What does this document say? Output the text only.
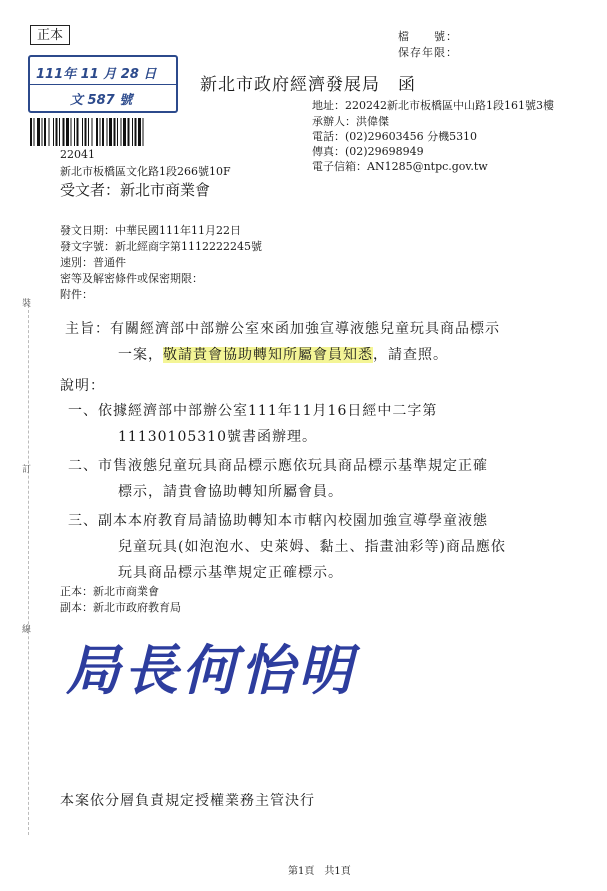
正本	檔　　號：
保存年限：
111年 11 月 28 日
文 587 號
新北市政府經濟發展局　函
地址：220242新北市板橋區中山路1段161號3樓
承辦人：洪偉傑
電話：(02)29603456 分機5310
傳真：(02)29698949
電子信箱：AN1285@ntpc.gov.tw
22041
新北市板橋區文化路1段266號10F
受文者：新北市商業會
發文日期：中華民國111年11月22日
發文字號：新北經商字第1112222245號
速別：普通件
密等及解密條件或保密期限：
附件：
裝
訂
線
主旨： 有關經濟部中部辦公室來函加強宣導液態兒童玩具商品標示
一案，敬請貴會協助轉知所屬會員知悉，請查照。
說明：
一、依據經濟部中部辦公室111年11月16日經中二字第
11130105310號書函辦理。
二、市售液態兒童玩具商品標示應依玩具商品標示基準規定正確
標示，請貴會協助轉知所屬會員。
三、副本本府教育局請協助轉知本市轄內校園加強宣導學童液態
兒童玩具(如泡泡水、史萊姆、黏土、指畫油彩等)商品應依
玩具商品標示基準規定正確標示。
正本：新北市商業會
副本：新北市政府教育局
局長何怡明
本案依分層負責規定授權業務主管決行
第1頁　共1頁
